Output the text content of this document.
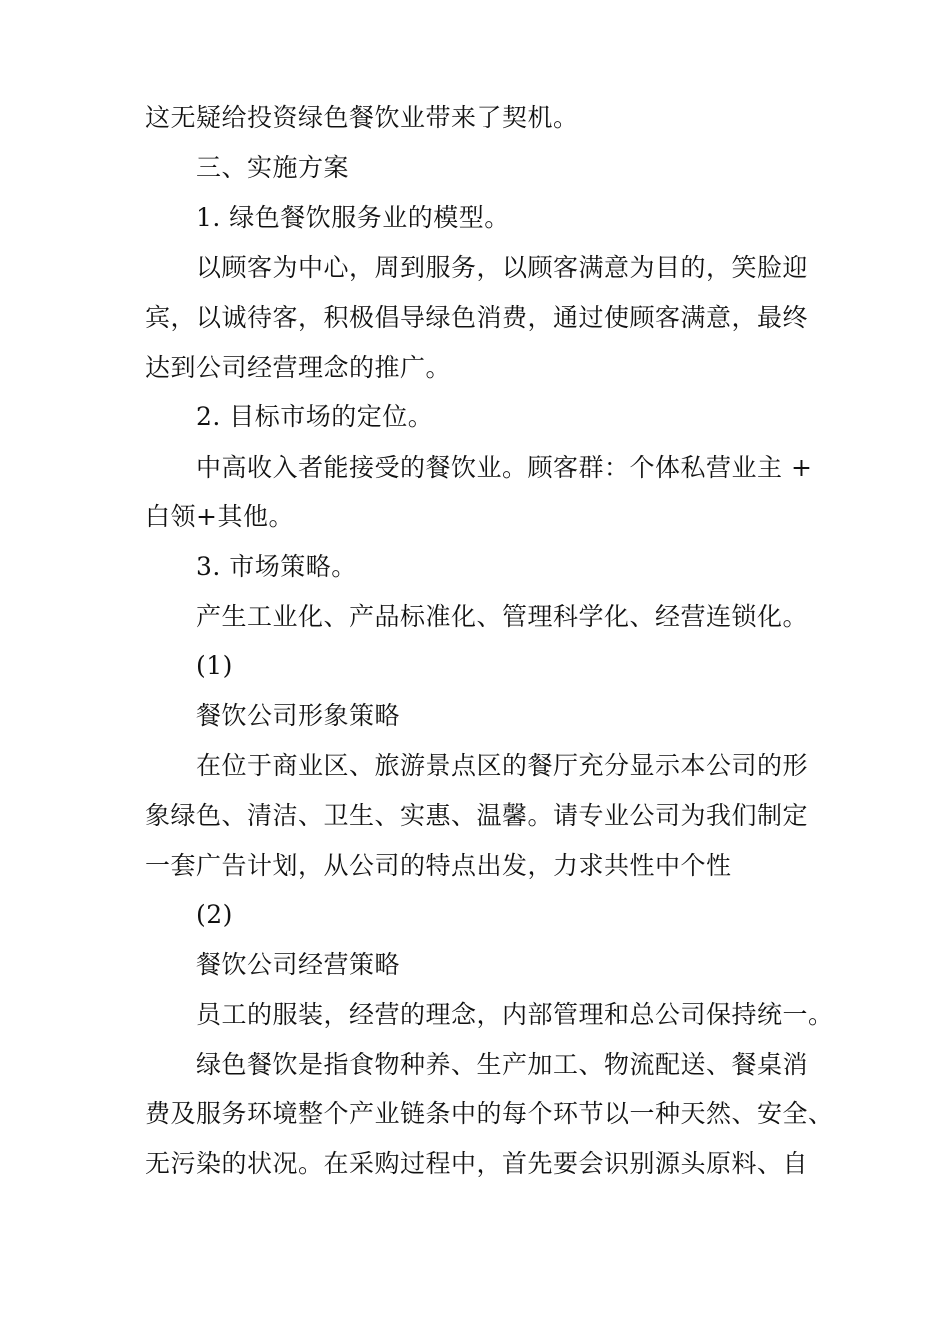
这无疑给投资绿色餐饮业带来了契机。
三、实施方案
1. 绿色餐饮服务业的模型。
以顾客为中心，周到服务，以顾客满意为目的，笑脸迎
宾，以诚待客，积极倡导绿色消费，通过使顾客满意，最终
达到公司经营理念的推广。
2. 目标市场的定位。
中高收入者能接受的餐饮业。顾客群：个体私营业主 +
白领+其他。
3. 市场策略。
产生工业化、产品标准化、管理科学化、经营连锁化。
(1)
餐饮公司形象策略
在位于商业区、旅游景点区的餐厅充分显示本公司的形
象绿色、清洁、卫生、实惠、温馨。请专业公司为我们制定
一套广告计划，从公司的特点出发，力求共性中个性
(2)
餐饮公司经营策略
员工的服装，经营的理念，内部管理和总公司保持统一。
绿色餐饮是指食物种养、生产加工、物流配送、餐桌消
费及服务环境整个产业链条中的每个环节以一种天然、安全、
无污染的状况。在采购过程中，首先要会识别源头原料、自
